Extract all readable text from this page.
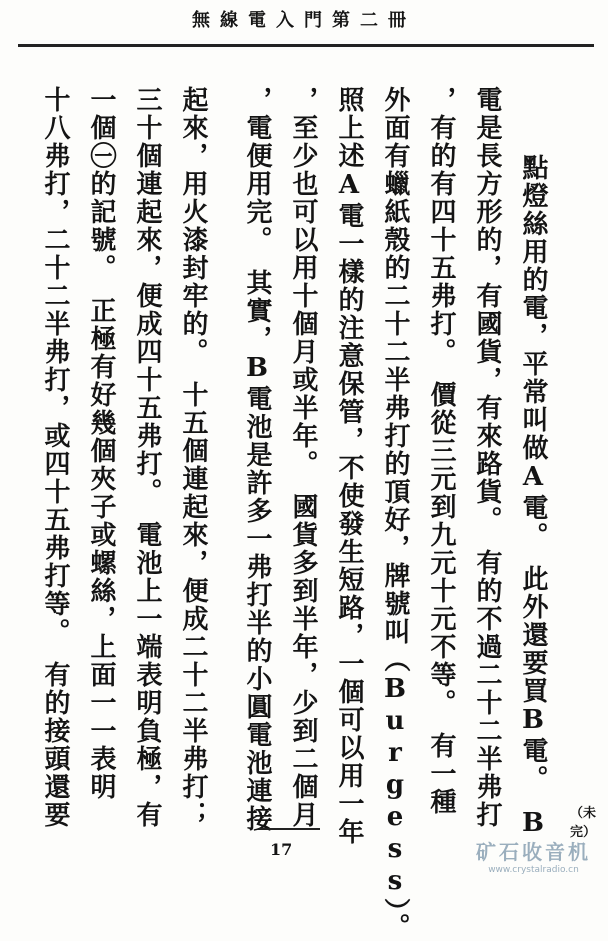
無線電入門第二冊
　點燈絲用的電，平常叫做A電。　此外還要買B電。　B
電是長方形的，有國貨，有來路貨。　有的不過二十二半弗打
，有的有四十五弗打。　價從三元到九元十元不等。　有一種
外面有蠟紙殼的二十二半弗打的頂好，牌號叫（Burgess）。
照上述A電一樣的注意保管，不使發生短路，一個可以用一年
，至少也可以用十個月或半年。　國貨多到半年，少到二個月
，電便用完。　其實，B電池是許多一弗打半的小圓電池連接
起來，用火漆封牢的。　十五個連起來，便成二十二半弗打；
三十個連起來，便成四十五弗打。　電池上一端表明負極，有
一個㊀的記號。　正極有好幾個夾子或螺絲，上面一一表明
十八弗打，二十二半弗打，或四十五弗打等。　有的接頭還要	（未完）
17	矿石收音机
www.crystalradio.cn
